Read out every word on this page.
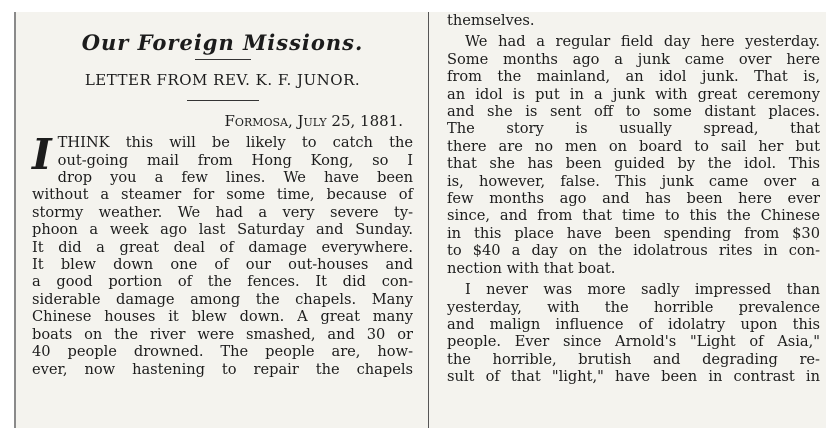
Our Foreign Missions.
LETTER FROM REV. K. F. JUNOR.
Formosa, July 25, 1881.
I THINK this will be likely to catch the
out-going mail from Hong Kong, so I
drop you a few lines. We have been
without a steamer for some time, because of
stormy weather. We had a very severe ty-
phoon a week ago last Saturday and Sunday.
It did a great deal of damage everywhere.
It blew down one of our out-houses and
a good portion of the fences. It did con-
siderable damage among the chapels. Many
Chinese houses it blew down. A great many
boats on the river were smashed, and 30 or
40 people drowned. The people are, how-
ever, now hastening to repair the chapels
themselves.
We had a regular field day here yesterday.
Some months ago a junk came over here
from the mainland, an idol junk. That is,
an idol is put in a junk with great ceremony
and she is sent off to some distant places.
The story is usually spread, that
there are no men on board to sail her but
that she has been guided by the idol. This
is, however, false. This junk came over a
few months ago and has been here ever
since, and from that time to this the Chinese
in this place have been spending from $30
to $40 a day on the idolatrous rites in con-
nection with that boat.
I never was more sadly impressed than
yesterday, with the horrible prevalence
and malign influence of idolatry upon this
people. Ever since Arnold's "Light of Asia,"
the horrible, brutish and degrading re-
sult of that "light," have been in contrast in
